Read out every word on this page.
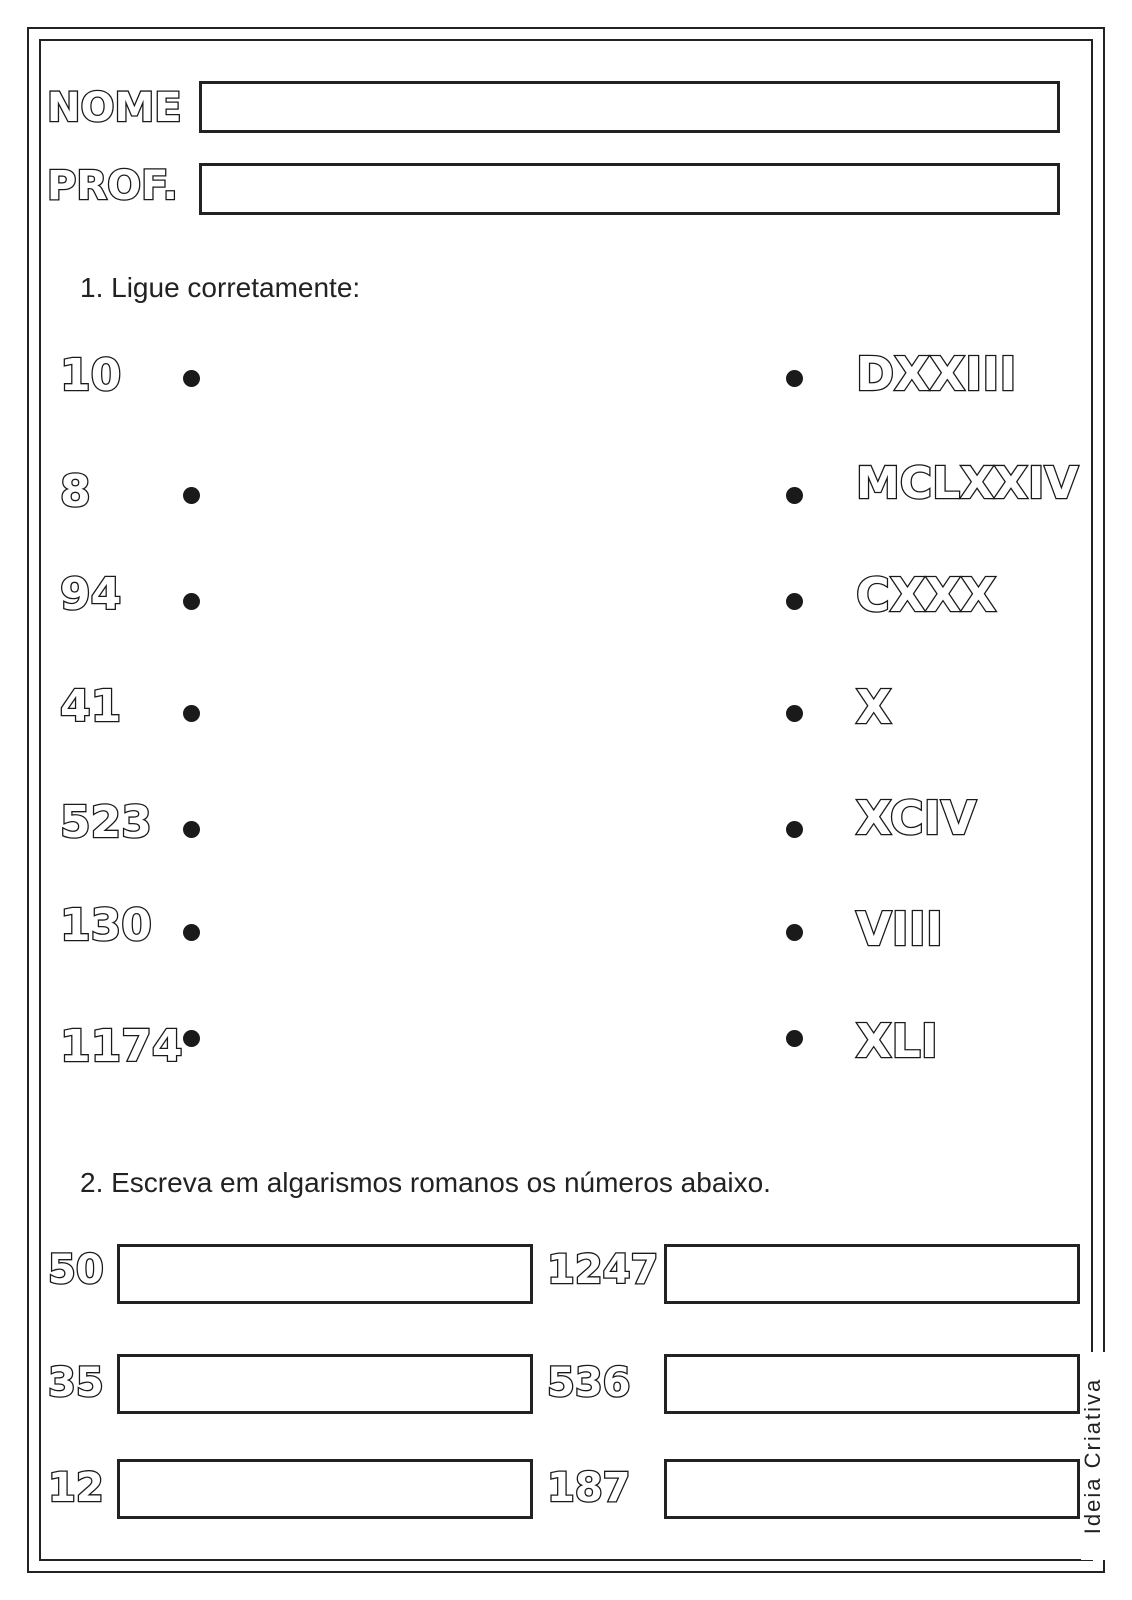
NOME
PROF.
1. Ligue corretamente:
10
8
94
41
523
130
1174
DXXIII
MCLXXIV
CXXX
X
XCIV
VIII
XLI
2. Escreva em algarismos romanos os números abaixo.
50
35
12
1247
536
187	Ideia Criativa
